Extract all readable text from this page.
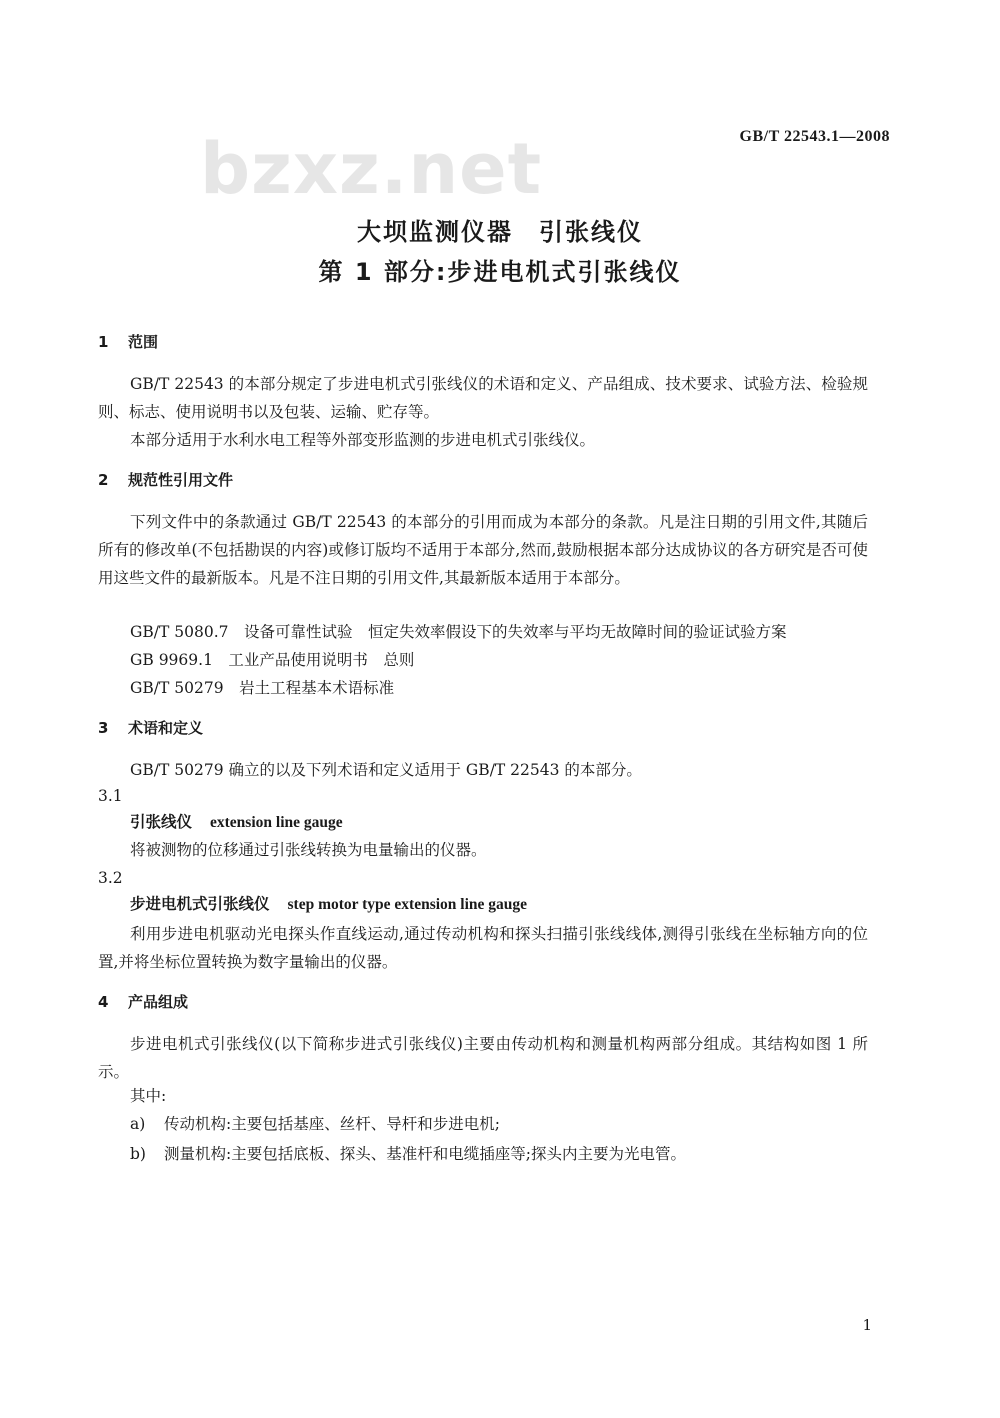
bzxz.net	GB/T 22543.1—2008
大坝监测仪器　引张线仪
第 1 部分:步进电机式引张线仪
1 范围
GB/T 22543 的本部分规定了步进电机式引张线仪的术语和定义、产品组成、技术要求、试验方法、检验规则、标志、使用说明书以及包装、运输、贮存等。
本部分适用于水利水电工程等外部变形监测的步进电机式引张线仪。
2 规范性引用文件
下列文件中的条款通过 GB/T 22543 的本部分的引用而成为本部分的条款。凡是注日期的引用文件,其随后所有的修改单(不包括勘误的内容)或修订版均不适用于本部分,然而,鼓励根据本部分达成协议的各方研究是否可使用这些文件的最新版本。凡是不注日期的引用文件,其最新版本适用于本部分。
GB/T 5080.7　设备可靠性试验　恒定失效率假设下的失效率与平均无故障时间的验证试验方案
GB 9969.1　工业产品使用说明书　总则
GB/T 50279　岩土工程基本术语标准
3 术语和定义
GB/T 50279 确立的以及下列术语和定义适用于 GB/T 22543 的本部分。
3.1
引张线仪 extension line gauge
将被测物的位移通过引张线转换为电量输出的仪器。
3.2
步进电机式引张线仪 step motor type extension line gauge
利用步进电机驱动光电探头作直线运动,通过传动机构和探头扫描引张线线体,测得引张线在坐标轴方向的位置,并将坐标位置转换为数字量输出的仪器。
4 产品组成
步进电机式引张线仪(以下简称步进式引张线仪)主要由传动机构和测量机构两部分组成。其结构如图 1 所示。
其中:
a) 传动机构:主要包括基座、丝杆、导杆和步进电机;
b) 测量机构:主要包括底板、探头、基准杆和电缆插座等;探头内主要为光电管。
1
